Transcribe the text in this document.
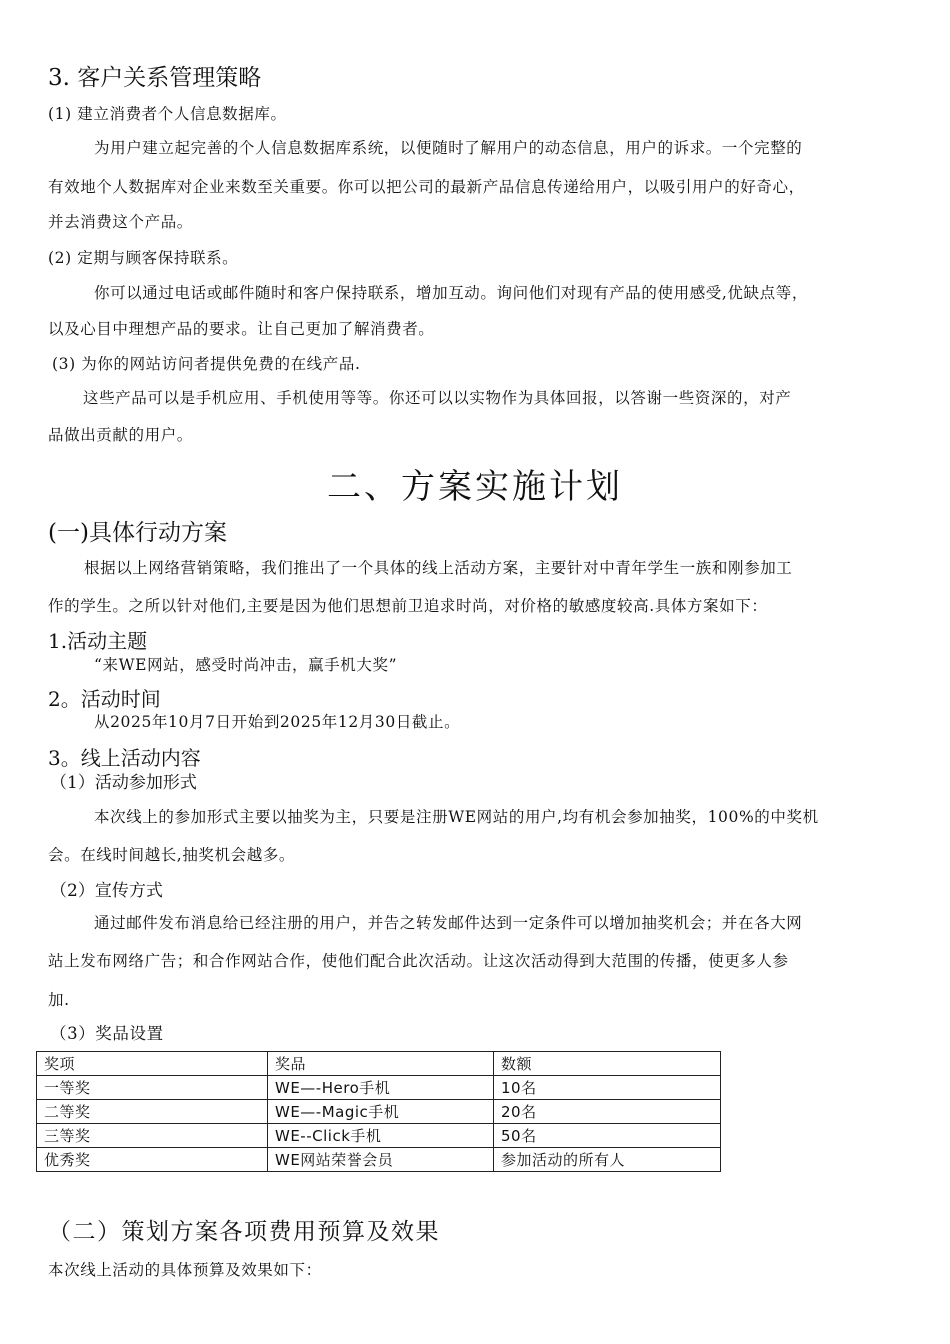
3. 客户关系管理策略
(1) 建立消费者个人信息数据库。
为用户建立起完善的个人信息数据库系统，以便随时了解用户的动态信息，用户的诉求。一个完整的
有效地个人数据库对企业来数至关重要。你可以把公司的最新产品信息传递给用户，以吸引用户的好奇心，
并去消费这个产品。
(2) 定期与顾客保持联系。
你可以通过电话或邮件随时和客户保持联系，增加互动。询问他们对现有产品的使用感受,优缺点等，
以及心目中理想产品的要求。让自己更加了解消费者。
(3) 为你的网站访问者提供免费的在线产品.
这些产品可以是手机应用、手机使用等等。你还可以以实物作为具体回报，以答谢一些资深的，对产
品做出贡献的用户。
二、方案实施计划
(一)具体行动方案
根据以上网络营销策略，我们推出了一个具体的线上活动方案，主要针对中青年学生一族和刚参加工
作的学生。之所以针对他们,主要是因为他们思想前卫追求时尚，对价格的敏感度较高.具体方案如下：
1.活动主题
“来WE网站，感受时尚冲击，赢手机大奖”
2。活动时间
从2025年10月7日开始到2025年12月30日截止。
3。线上活动内容
（1）活动参加形式
本次线上的参加形式主要以抽奖为主，只要是注册WE网站的用户,均有机会参加抽奖，100%的中奖机
会。在线时间越长,抽奖机会越多。
（2）宣传方式
通过邮件发布消息给已经注册的用户，并告之转发邮件达到一定条件可以增加抽奖机会；并在各大网
站上发布网络广告；和合作网站合作，使他们配合此次活动。让这次活动得到大范围的传播，使更多人参
加.
（3）奖品设置
奖项	奖品	数额
一等奖	WE—-Hero手机	10名
二等奖	WE—-Magic手机	20名
三等奖	WE--Click手机	50名
优秀奖	WE网站荣誉会员	参加活动的所有人
（二）策划方案各项费用预算及效果
本次线上活动的具体预算及效果如下：
